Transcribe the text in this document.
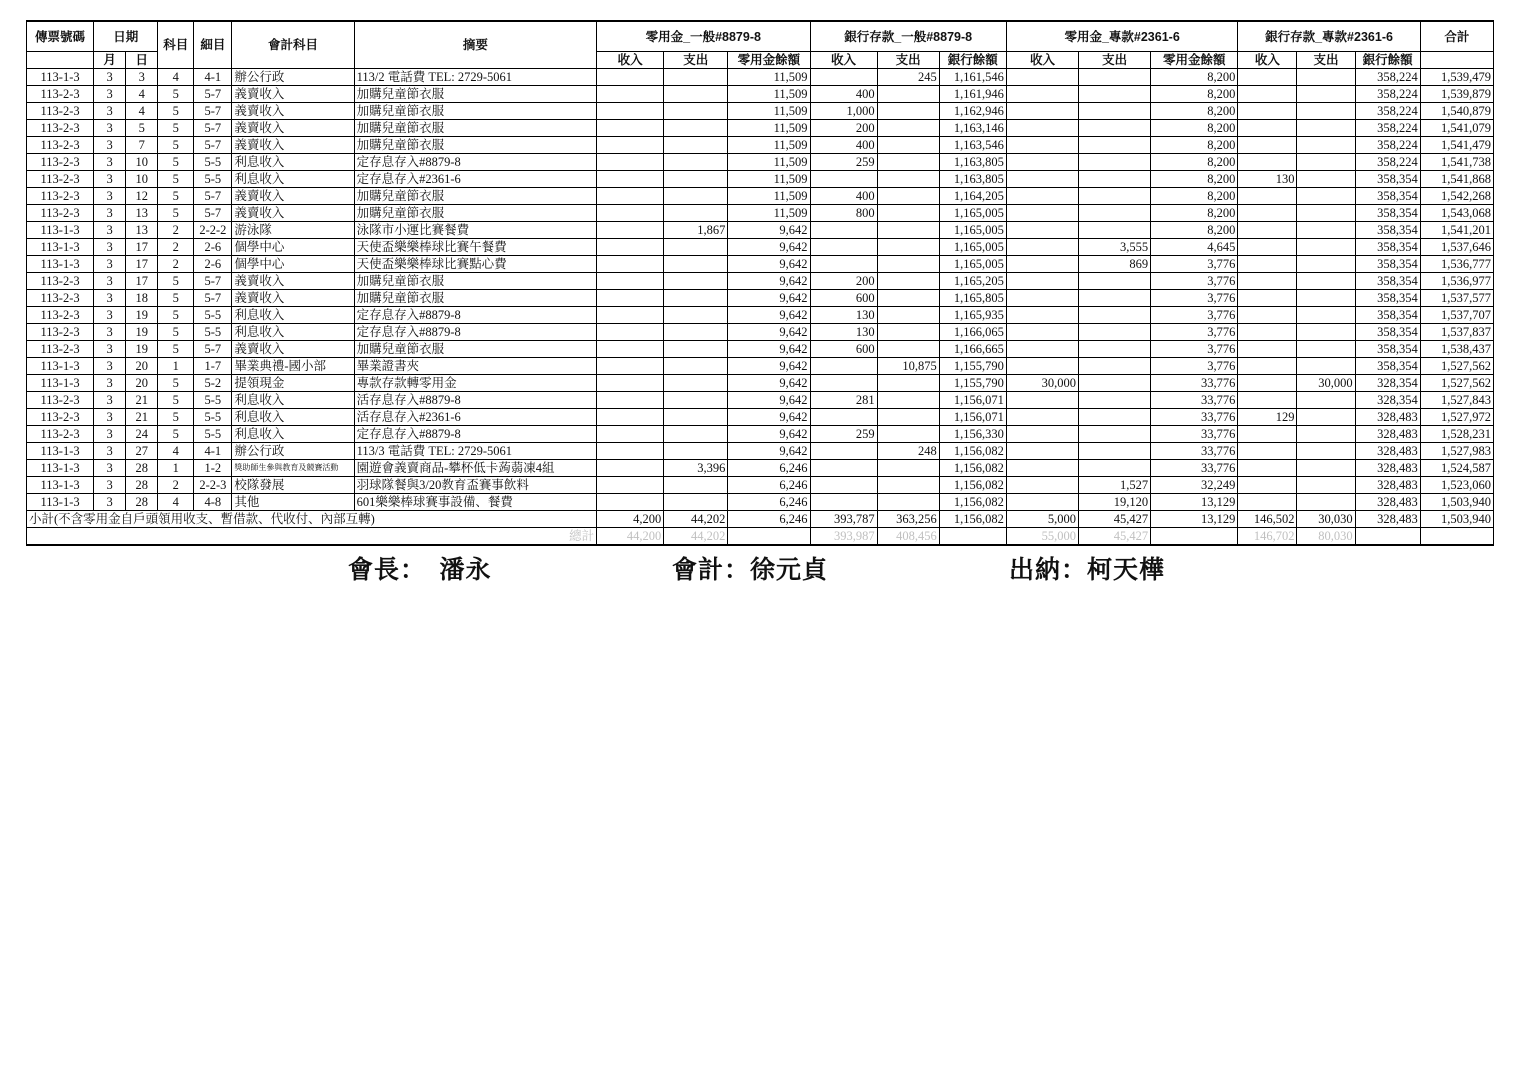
傳票號碼	日期		科目	細目	會計科目	摘要	零用金_一般#8879-8			銀行存款_一般#8879-8			零用金_專款#2361-6			銀行存款_專款#2361-6			合計
	月	日					收入	支出	零用金餘額	收入	支出	銀行餘額	收入	支出	零用金餘額	收入	支出	銀行餘額	
113-1-3	3	3	4	4-1	辦公行政	113/2 電話費 TEL: 2729-5061			11,509		245	1,161,546			8,200			358,224	1,539,479
113-2-3	3	4	5	5-7	義賣收入	加購兒童節衣服			11,509	400		1,161,946			8,200			358,224	1,539,879
113-2-3	3	4	5	5-7	義賣收入	加購兒童節衣服			11,509	1,000		1,162,946			8,200			358,224	1,540,879
113-2-3	3	5	5	5-7	義賣收入	加購兒童節衣服			11,509	200		1,163,146			8,200			358,224	1,541,079
113-2-3	3	7	5	5-7	義賣收入	加購兒童節衣服			11,509	400		1,163,546			8,200			358,224	1,541,479
113-2-3	3	10	5	5-5	利息收入	定存息存入#8879-8			11,509	259		1,163,805			8,200			358,224	1,541,738
113-2-3	3	10	5	5-5	利息收入	定存息存入#2361-6			11,509			1,163,805			8,200	130		358,354	1,541,868
113-2-3	3	12	5	5-7	義賣收入	加購兒童節衣服			11,509	400		1,164,205			8,200			358,354	1,542,268
113-2-3	3	13	5	5-7	義賣收入	加購兒童節衣服			11,509	800		1,165,005			8,200			358,354	1,543,068
113-1-3	3	13	2	2-2-2	游泳隊	泳隊市小運比賽餐費		1,867	9,642			1,165,005			8,200			358,354	1,541,201
113-1-3	3	17	2	2-6	個學中心	天使盃樂樂棒球比賽午餐費			9,642			1,165,005		3,555	4,645			358,354	1,537,646
113-1-3	3	17	2	2-6	個學中心	天使盃樂樂棒球比賽點心費			9,642			1,165,005		869	3,776			358,354	1,536,777
113-2-3	3	17	5	5-7	義賣收入	加購兒童節衣服			9,642	200		1,165,205			3,776			358,354	1,536,977
113-2-3	3	18	5	5-7	義賣收入	加購兒童節衣服			9,642	600		1,165,805			3,776			358,354	1,537,577
113-2-3	3	19	5	5-5	利息收入	定存息存入#8879-8			9,642	130		1,165,935			3,776			358,354	1,537,707
113-2-3	3	19	5	5-5	利息收入	定存息存入#8879-8			9,642	130		1,166,065			3,776			358,354	1,537,837
113-2-3	3	19	5	5-7	義賣收入	加購兒童節衣服			9,642	600		1,166,665			3,776			358,354	1,538,437
113-1-3	3	20	1	1-7	畢業典禮-國小部	畢業證書夾			9,642		10,875	1,155,790			3,776			358,354	1,527,562
113-1-3	3	20	5	5-2	提領現金	專款存款轉零用金			9,642			1,155,790	30,000		33,776		30,000	328,354	1,527,562
113-2-3	3	21	5	5-5	利息收入	活存息存入#8879-8			9,642	281		1,156,071			33,776			328,354	1,527,843
113-2-3	3	21	5	5-5	利息收入	活存息存入#2361-6			9,642			1,156,071			33,776	129		328,483	1,527,972
113-2-3	3	24	5	5-5	利息收入	定存息存入#8879-8			9,642	259		1,156,330			33,776			328,483	1,528,231
113-1-3	3	27	4	4-1	辦公行政	113/3 電話費 TEL: 2729-5061			9,642		248	1,156,082			33,776			328,483	1,527,983
113-1-3	3	28	1	1-2	獎助師生參與教育及競賽活動	園遊會義賣商品-攀杯低卡蒟蒻凍4組		3,396	6,246			1,156,082			33,776			328,483	1,524,587
113-1-3	3	28	2	2-2-3	校隊發展	羽球隊餐與3/20教育盃賽事飲料			6,246			1,156,082		1,527	32,249			328,483	1,523,060
113-1-3	3	28	4	4-8	其他	601樂樂棒球賽事設備、餐費			6,246			1,156,082		19,120	13,129			328,483	1,503,940
小計(不含零用金自戶頭領用收支、暫借款、代收付、內部互轉)							4,200	44,202	6,246	393,787	363,256	1,156,082	5,000	45,427	13,129	146,502	30,030	328,483	1,503,940
總計							44,200	44,202		393,987	408,456		55,000	45,427		146,702	80,030		
會長：　潘永	會計：徐元貞	出納：柯天樺
